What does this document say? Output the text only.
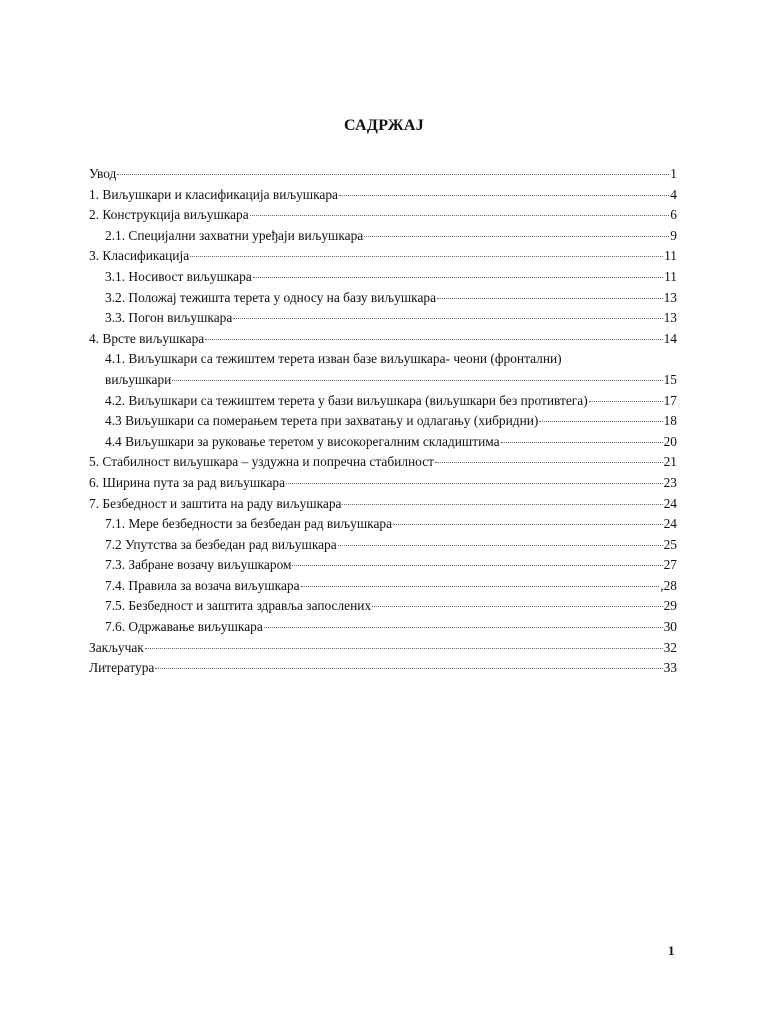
САДРЖАЈ
Увод	1
1. Виљушкари и класификација виљушкара	4
2. Конструкција виљушкара	6
2.1. Специјални захватни уређаји виљушкара	9
3. Класификација	11
3.1. Носивост виљушкара	11
3.2. Положај тежишта терета у односу на базу виљушкара	13
3.3. Погон виљушкара	13
4. Врсте виљушкара	14
4.1. Виљушкари са тежиштем терета изван базе виљушкара- чеони (фронтални)
виљушкари	15
4.2. Виљушкари са тежиштем терета у бази виљушкара (виљушкари без противтега)	17
4.3 Виљушкари са померањем терета при захватању и одлагању (хибридни)	18
4.4 Виљушкари за руковање теретом у високорегалним складиштима	20
5. Стабилност виљушкара – уздужна и попречна стабилност	21
6. Ширина пута за рад виљушкара	23
7. Безбедност и заштита на раду виљушкара	24
7.1. Мере безбедности за безбедан рад виљушкара	24
7.2 Упутства за безбедан рад виљушкара	25
7.3. Забране возачу виљушкаром	27
7.4. Правила за возача виљушкара	,28
7.5. Безбедност и заштита здравља запослених	29
7.6. Одржавање виљушкара	30
Закључак	32
Литература	33
1
